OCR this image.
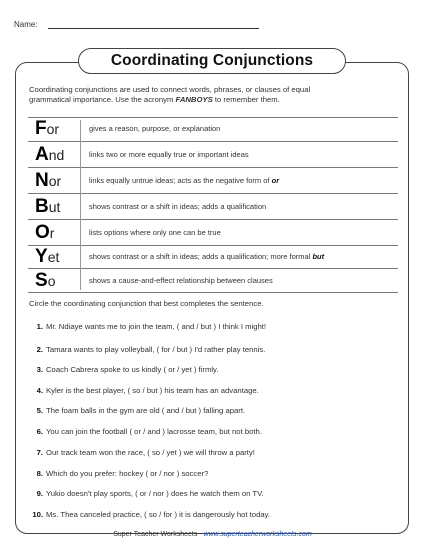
Name:
Coordinating Conjunctions
Coordinating conjunctions are used to connect words, phrases, or clauses of equal
grammatical importance. Use the acronym FANBOYS to remember them.
For	gives a reason, purpose, or explanation
And	links two or more equally true or important ideas
Nor	links equally untrue ideas; acts as the negative form of or
But	shows contrast or a shift in ideas; adds a qualification
Or	lists options where only one can be true
Yet	shows contrast or a shift in ideas; adds a qualification; more formal but
So	shows a cause-and-effect relationship between clauses
Circle the coordinating conjunction that best completes the sentence.
1. Mr. Ndiaye wants me to join the team, ( and / but ) I think I might!
2. Tamara wants to play volleyball, ( for / but ) I'd rather play tennis.
3. Coach Cabrera spoke to us kindly ( or / yet ) firmly.
4. Kyler is the best player, ( so / but ) his team has an advantage.
5. The foam balls in the gym are old ( and / but ) falling apart.
6. You can join the football ( or / and ) lacrosse team, but not both.
7. Our track team won the race, ( so / yet ) we will throw a party!
8. Which do you prefer: hockey ( or / nor ) soccer?
9. Yukio doesn't play sports, ( or / nor ) does he watch them on TV.
10. Ms. Thea canceled practice, ( so / for ) it is dangerously hot today.
Super Teacher Worksheets - www.superteacherworksheets.com
